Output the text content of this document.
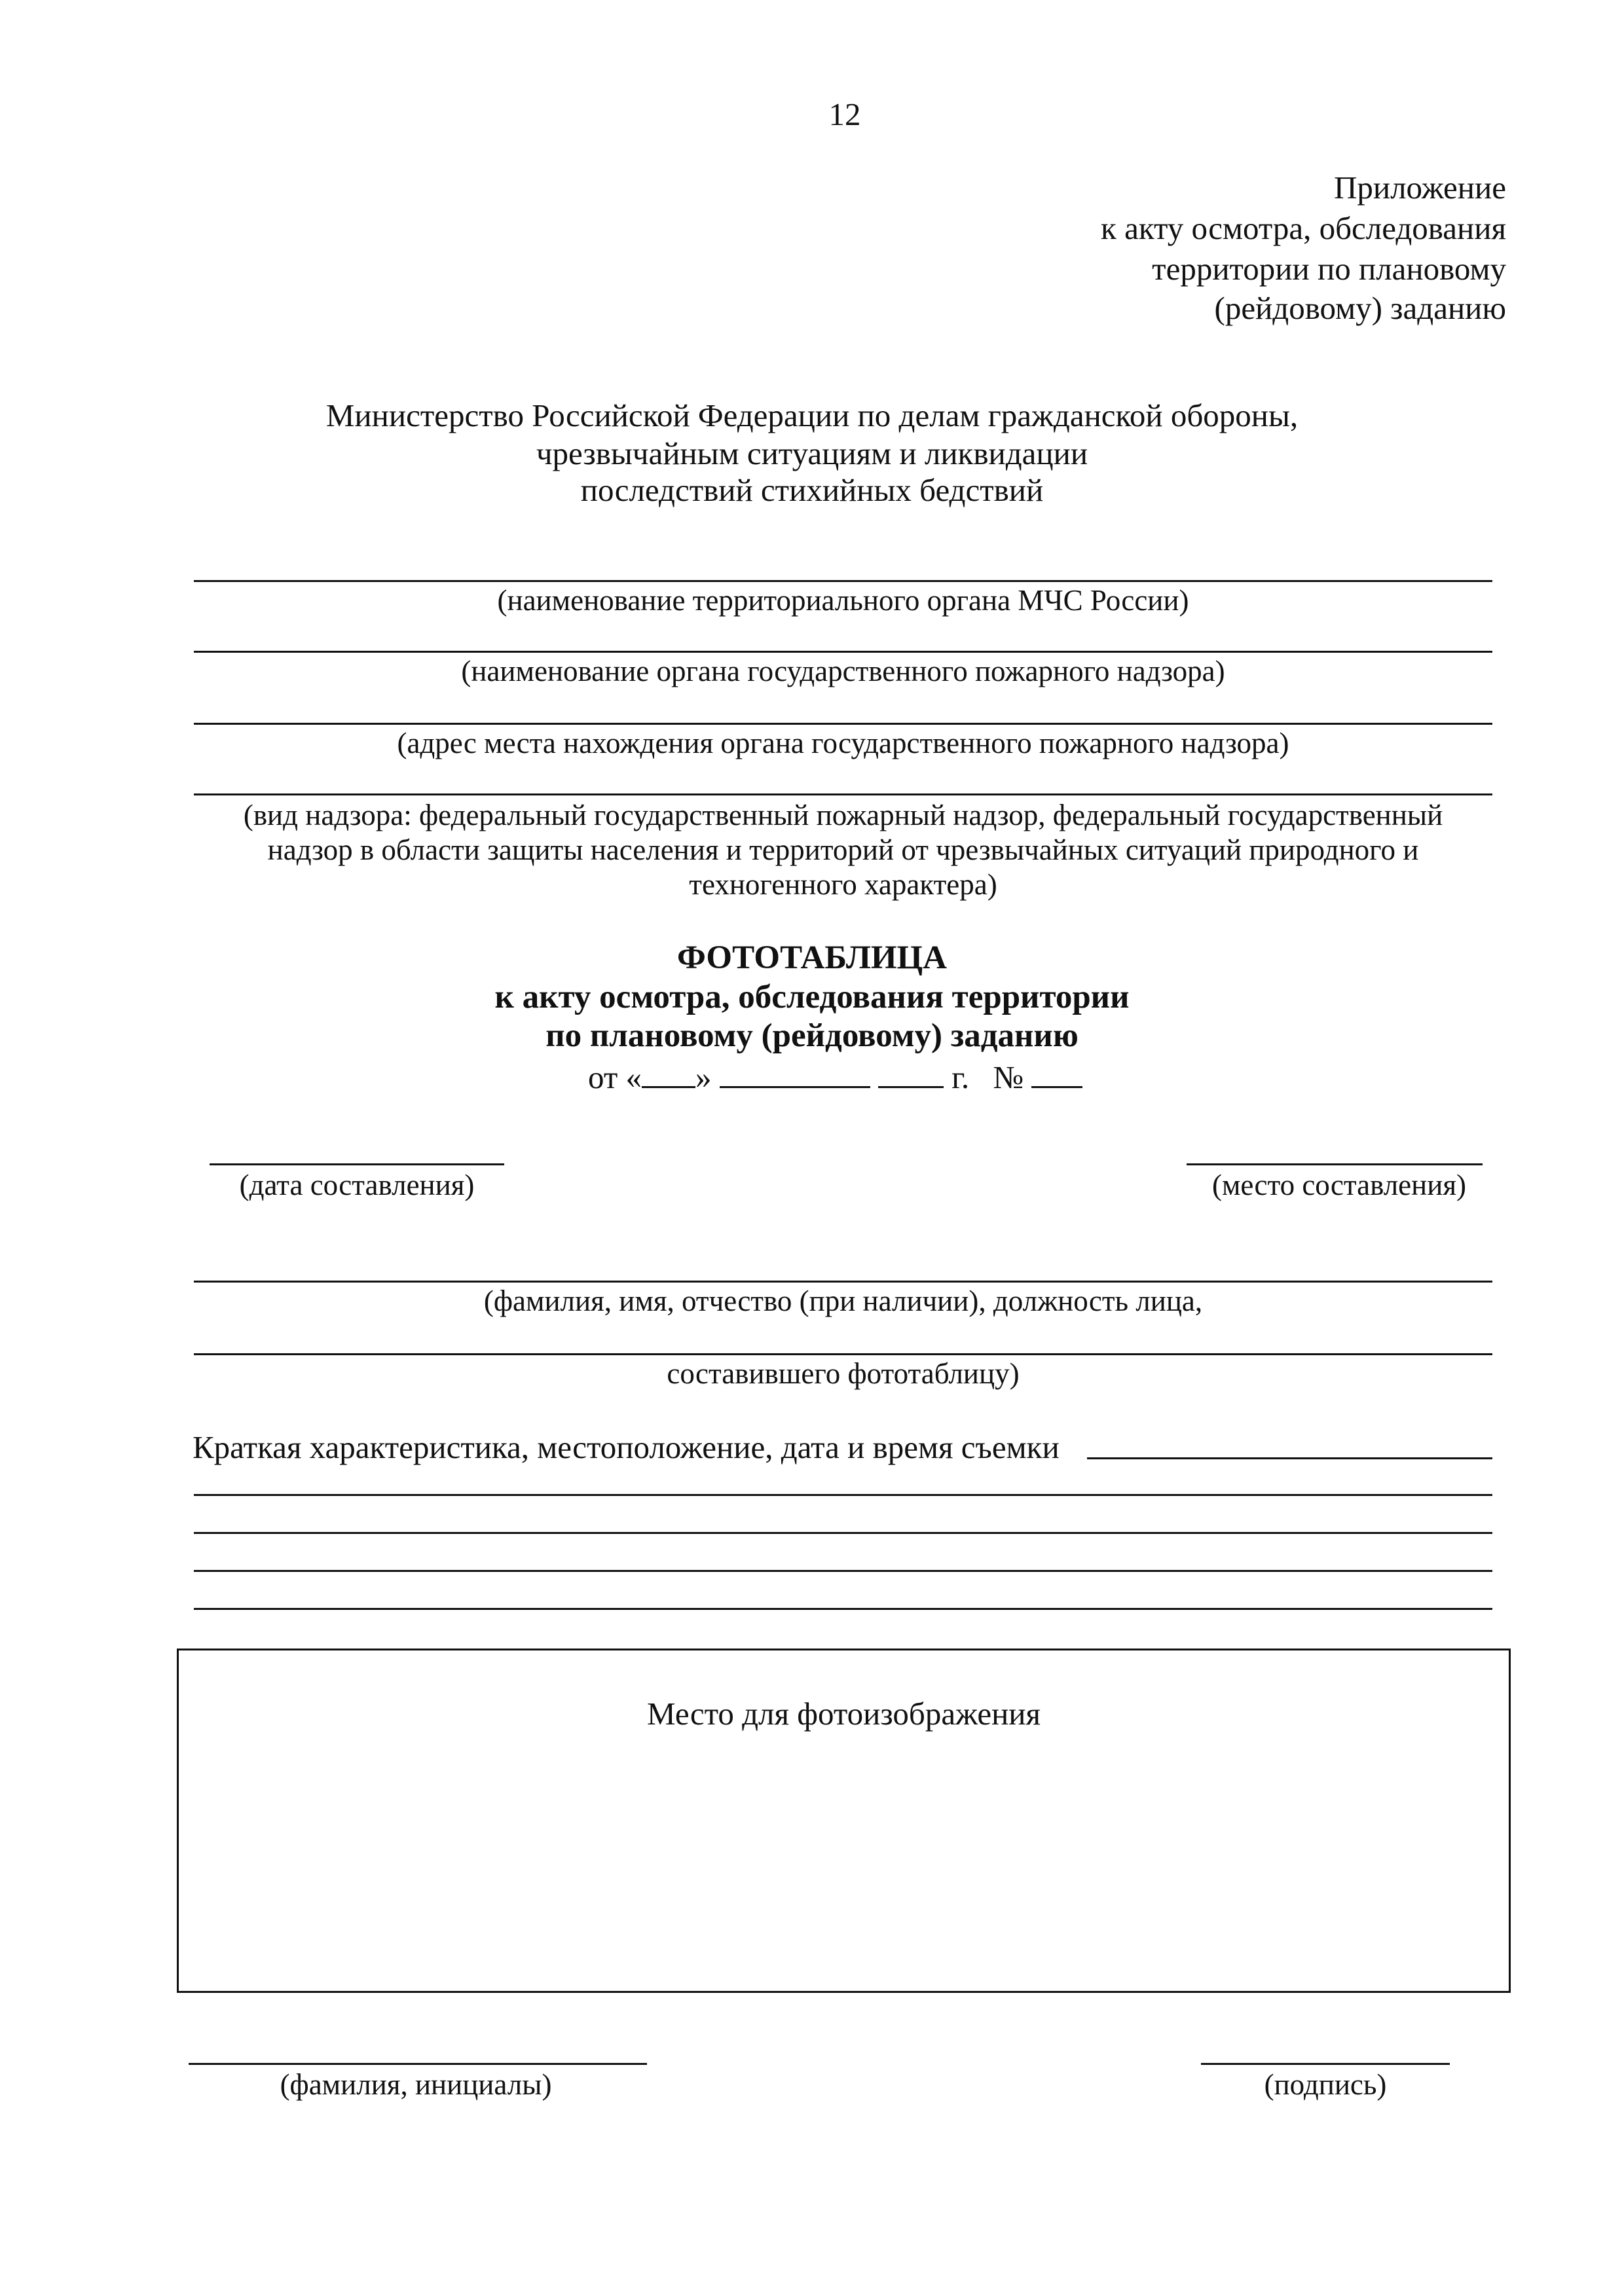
12
Приложение
к акту осмотра, обследования
территории по плановому
(рейдовому) заданию
Министерство Российской Федерации по делам гражданской обороны,
чрезвычайным ситуациям и ликвидации
последствий стихийных бедствий
(наименование территориального органа МЧС России)
(наименование органа государственного пожарного надзора)
(адрес места нахождения органа государственного пожарного надзора)
(вид надзора: федеральный государственный пожарный надзор, федеральный государственный
надзор в области защиты населения и территорий от чрезвычайных ситуаций природного и
техногенного характера)
ФОТОТАБЛИЦА
к акту осмотра, обследования территории
по плановому (рейдовому) заданию
от « »	г. №
(дата составления)	(место составления)
(фамилия, имя, отчество (при наличии), должность лица,
составившего фототаблицу)
Краткая характеристика, местоположение, дата и время съемки
Место для фотоизображения
(фамилия, инициалы)	(подпись)
